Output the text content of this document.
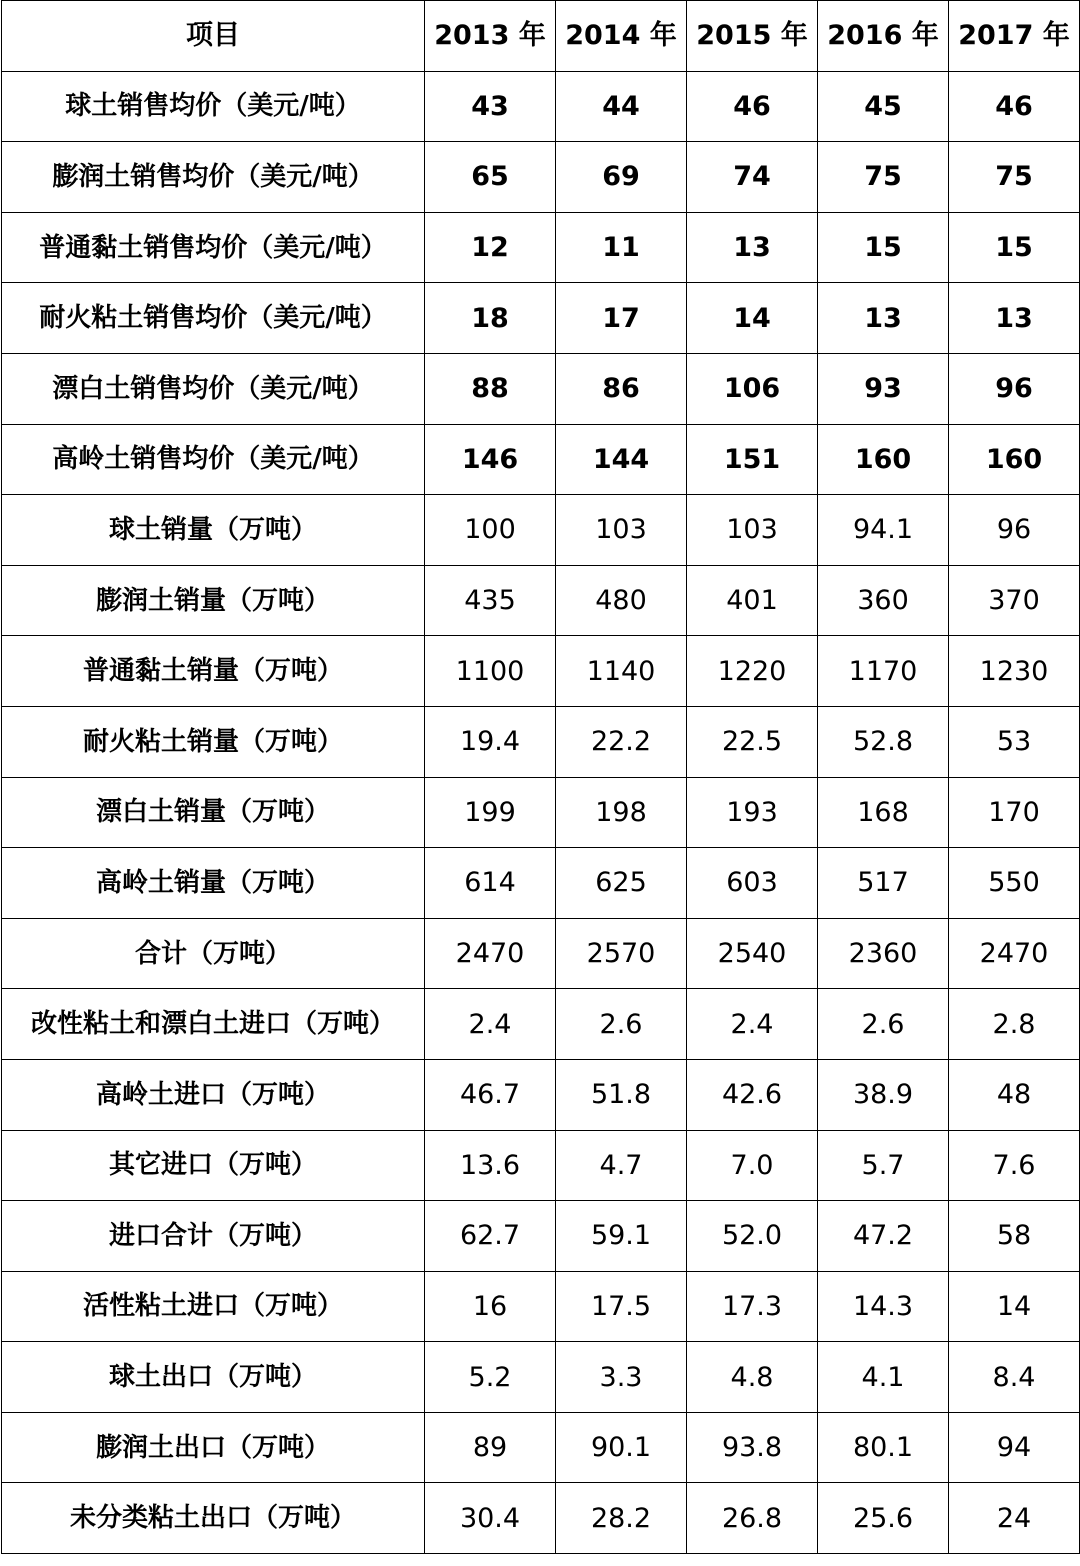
项目	2013 年	2014 年	2015 年	2016 年	2017 年
球土销售均价（美元/吨）	43	44	46	45	46
膨润土销售均价（美元/吨）	65	69	74	75	75
普通黏土销售均价（美元/吨）	12	11	13	15	15
耐火粘土销售均价（美元/吨）	18	17	14	13	13
漂白土销售均价（美元/吨）	88	86	106	93	96
高岭土销售均价（美元/吨）	146	144	151	160	160
球土销量（万吨）	100	103	103	94.1	96
膨润土销量（万吨）	435	480	401	360	370
普通黏土销量（万吨）	1100	1140	1220	1170	1230
耐火粘土销量（万吨）	19.4	22.2	22.5	52.8	53
漂白土销量（万吨）	199	198	193	168	170
高岭土销量（万吨）	614	625	603	517	550
合计（万吨）	2470	2570	2540	2360	2470
改性粘土和漂白土进口（万吨）	2.4	2.6	2.4	2.6	2.8
高岭土进口（万吨）	46.7	51.8	42.6	38.9	48
其它进口（万吨）	13.6	4.7	7.0	5.7	7.6
进口合计（万吨）	62.7	59.1	52.0	47.2	58
活性粘土进口（万吨）	16	17.5	17.3	14.3	14
球土出口（万吨）	5.2	3.3	4.8	4.1	8.4
膨润土出口（万吨）	89	90.1	93.8	80.1	94
未分类粘土出口（万吨）	30.4	28.2	26.8	25.6	24
